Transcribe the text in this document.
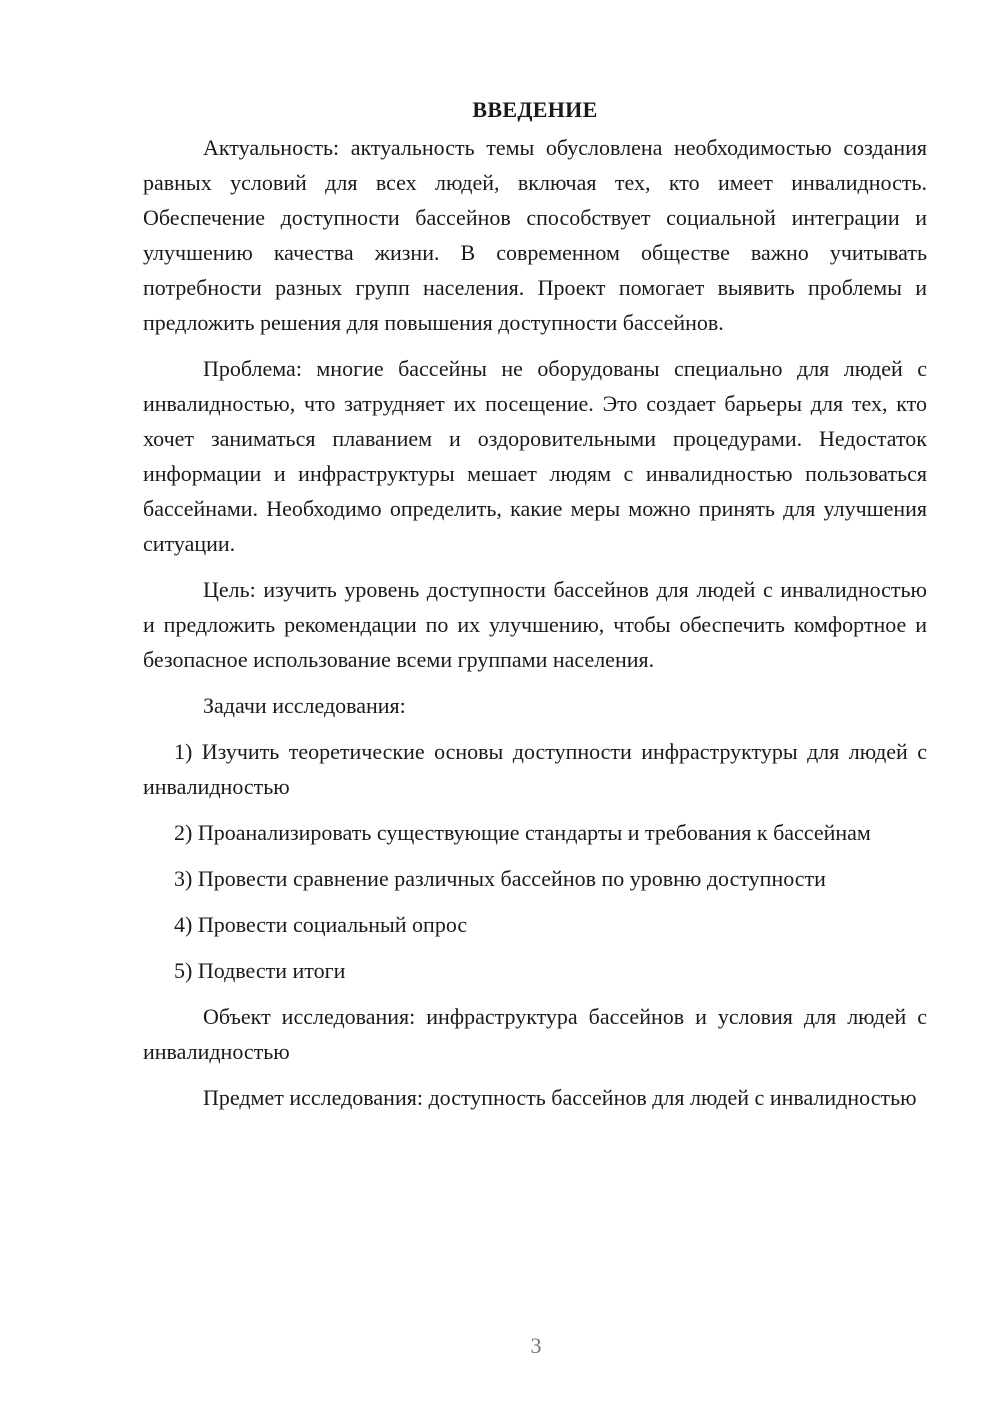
ВВЕДЕНИЕ

Актуальность: актуальность темы обусловлена необходимостью создания равных условий для всех людей, включая тех, кто имеет инвалидность. Обеспечение доступности бассейнов способствует социальной интеграции и улучшению качества жизни. В современном обществе важно учитывать потребности разных групп населения. Проект помогает выявить проблемы и предложить решения для повышения доступности бассейнов.

Проблема: многие бассейны не оборудованы специально для людей с инвалидностью, что затрудняет их посещение. Это создает барьеры для тех, кто хочет заниматься плаванием и оздоровительными процедурами. Недостаток информации и инфраструктуры мешает людям с инвалидностью пользоваться бассейнами. Необходимо определить, какие меры можно принять для улучшения ситуации.

Цель: изучить уровень доступности бассейнов для людей с инвалидностью и предложить рекомендации по их улучшению, чтобы обеспечить комфортное и безопасное использование всеми группами населения.

Задачи исследования:

1) Изучить теоретические основы доступности инфраструктуры для людей с инвалидностью
2) Проанализировать существующие стандарты и требования к бассейнам
3) Провести сравнение различных бассейнов по уровню доступности
4) Провести социальный опрос
5) Подвести итоги

Объект исследования: инфраструктура бассейнов и условия для людей с инвалидностью

Предмет исследования: доступность бассейнов для людей с инвалидностью

3
